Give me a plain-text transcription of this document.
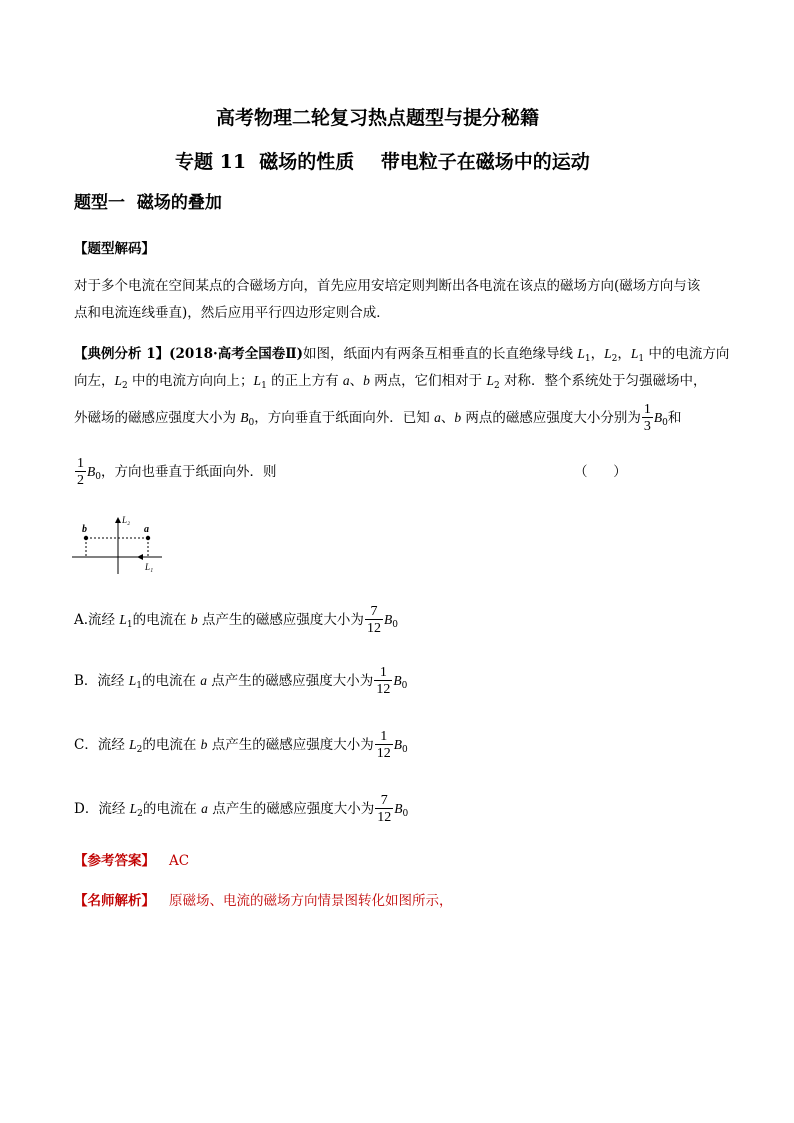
高考物理二轮复习热点题型与提分秘籍
专题 11  磁场的性质    带电粒子在磁场中的运动
题型一  磁场的叠加
【题型解码】
对于多个电流在空间某点的合磁场方向，首先应用安培定则判断出各电流在该点的磁场方向(磁场方向与该
点和电流连线垂直)，然后应用平行四边形定则合成．
【典例分析 1】(2018·高考全国卷Ⅱ)如图，纸面内有两条互相垂直的长直绝缘导线 $L_1$，$L_2$，$L_1$ 中的电流方向
向左，$L_2$ 中的电流方向向上；$L_1$ 的正上方有 a、b 两点，它们相对于 $L_2$ 对称．整个系统处于匀强磁场中，
外磁场的磁感应强度大小为 $B_0$，方向垂直于纸面向外．已知 a、b 两点的磁感应强度大小分别为 $\frac{1}{3} B_0$和
$\frac{1}{2} B_0$，方向也垂直于纸面向外．则	（      ）
b	a
L₂
L₁
A.流经 $L_1$的电流在 b 点产生的磁感应强度大小为 $\frac{7}{12} B_0$
B．流经 $L_1$的电流在 a 点产生的磁感应强度大小为 $\frac{1}{12} B_0$
C．流经 $L_2$的电流在 b 点产生的磁感应强度大小为 $\frac{1}{12} B_0$
D．流经 $L_2$的电流在 a 点产生的磁感应强度大小为 $\frac{7}{12} B_0$
【参考答案】 AC
【名师解析】 原磁场、电流的磁场方向情景图转化如图所示，
